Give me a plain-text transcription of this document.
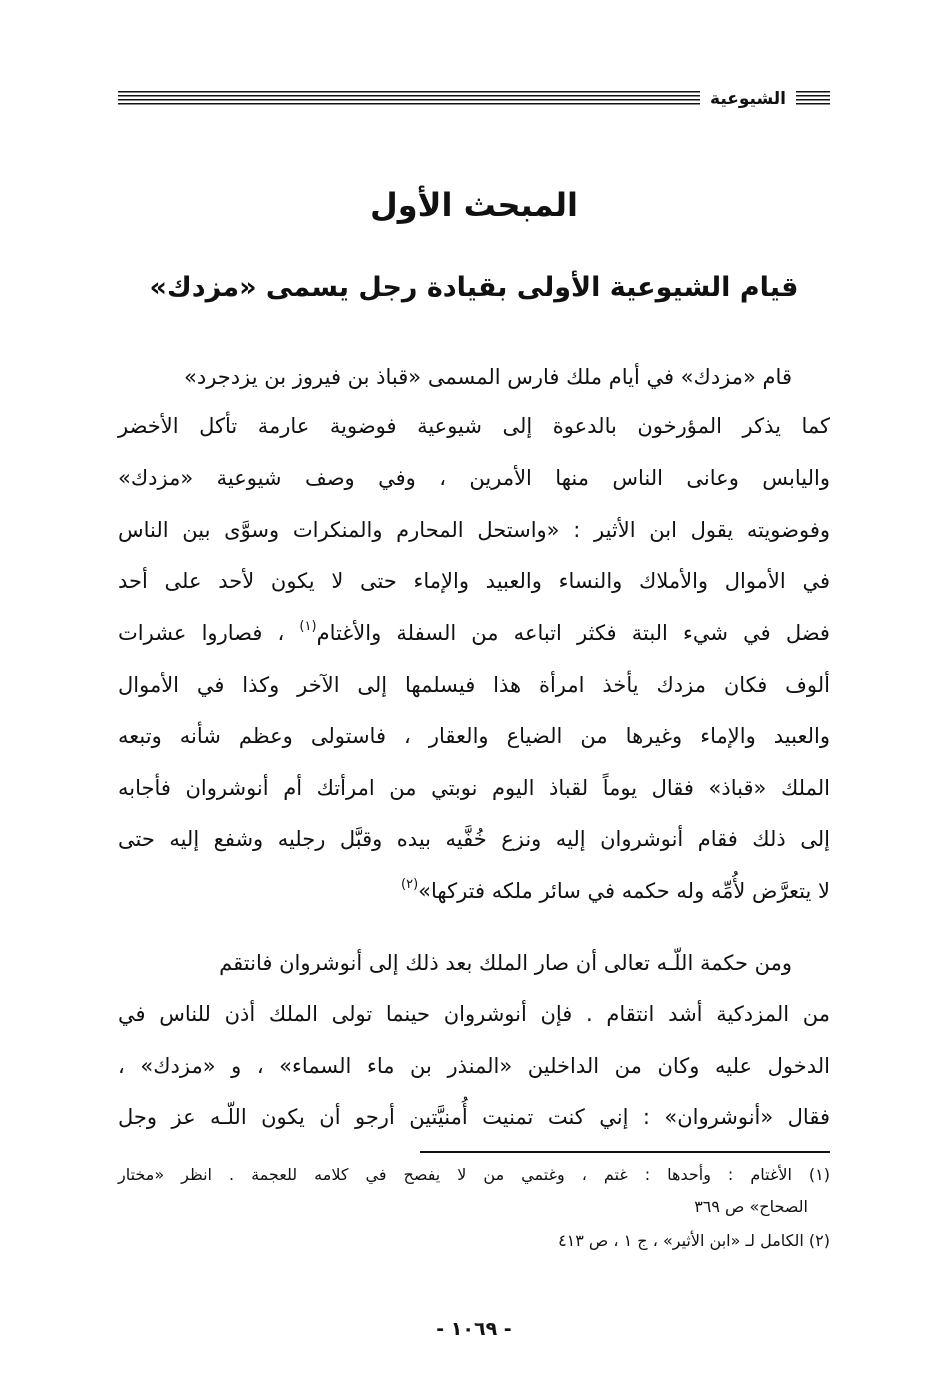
الشيوعية
المبحث الأول
قيام الشيوعية الأولى بقيادة رجل يسمى «مزدك»
قام «مزدك» في أيام ملك فارس المسمى «قباذ بن فيروز بن يزدجرد»
كما يذكر المؤرخون بالدعوة إلى شيوعية فوضوية عارمة تأكل الأخضر
واليابس وعانى الناس منها الأمرين ، وفي وصف شيوعية «مزدك»
وفوضويته يقول ابن الأثير : «واستحل المحارم والمنكرات وسوَّى بين الناس
في الأموال والأملاك والنساء والعبيد والإماء حتى لا يكون لأحد على أحد
فضل في شيء البتة فكثر اتباعه من السفلة والأغتام$^{(١)}$ ، فصاروا عشرات
ألوف فكان مزدك يأخذ امرأة هذا فيسلمها إلى الآخر وكذا في الأموال
والعبيد والإماء وغيرها من الضياع والعقار ، فاستولى وعظم شأنه وتبعه
الملك «قباذ» فقال يوماً لقباذ اليوم نوبتي من امرأتك أم أنوشروان فأجابه
إلى ذلك فقام أنوشروان إليه ونزع خُفَّيه بيده وقبَّل رجليه وشفع إليه حتى
لا يتعرَّض لأُمِّه وله حكمه في سائر ملكه فتركها»$^{(٢)}$
ومن حكمة اللّـه تعالى أن صار الملك بعد ذلك إلى أنوشروان فانتقم
من المزدكية أشد انتقام . فإن أنوشروان حينما تولى الملك أذن للناس في
الدخول عليه وكان من الداخلين «المنذر بن ماء السماء» ، و «مزدك» ،
فقال «أنوشروان» : إني كنت تمنيت أُمنيَّتين أرجو أن يكون اللّـه عز وجل
(١) الأغتام : وأحدها : غتم ، وغتمي من لا يفصح في كلامه للعجمة . انظر «مختار
الصحاح» ص ٣٦٩
(٢) الكامل لـ «ابن الأثير» ، ج ١ ، ص ٤١٣
- ١٠٦٩ -
